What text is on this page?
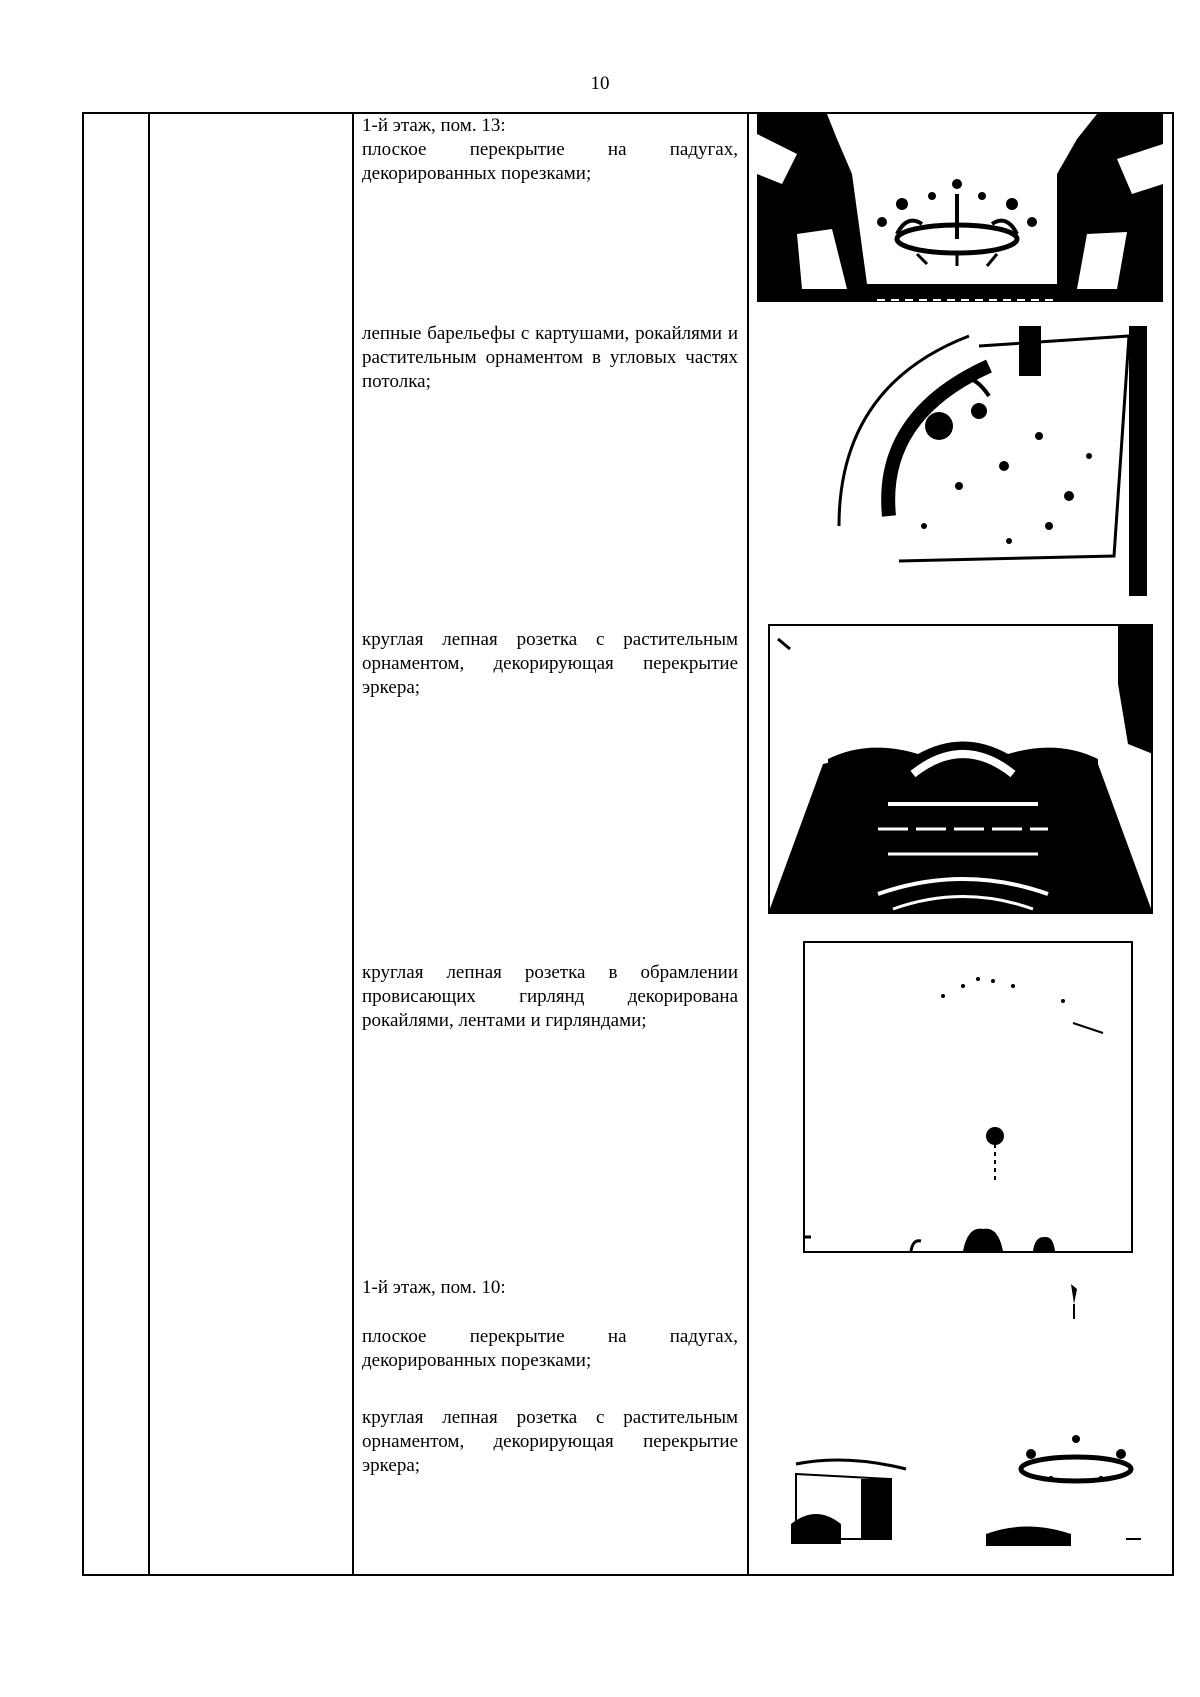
10

1-й этаж, пом. 13:
плоское перекрытие на падугах, декорированных порезками;
лепные барельефы с картушами, рокайлями и растительным орнаментом в угловых частях потолка;
круглая лепная розетка с растительным орнаментом, декорирующая перекрытие эркера;
круглая лепная розетка в обрамлении провисающих гирлянд декорирована рокайлями, лентами и гирляндами;
1-й этаж, пом. 10:
плоское перекрытие на падугах, декорированных порезками;
круглая лепная розетка с растительным орнаментом, декорирующая перекрытие эркера;
